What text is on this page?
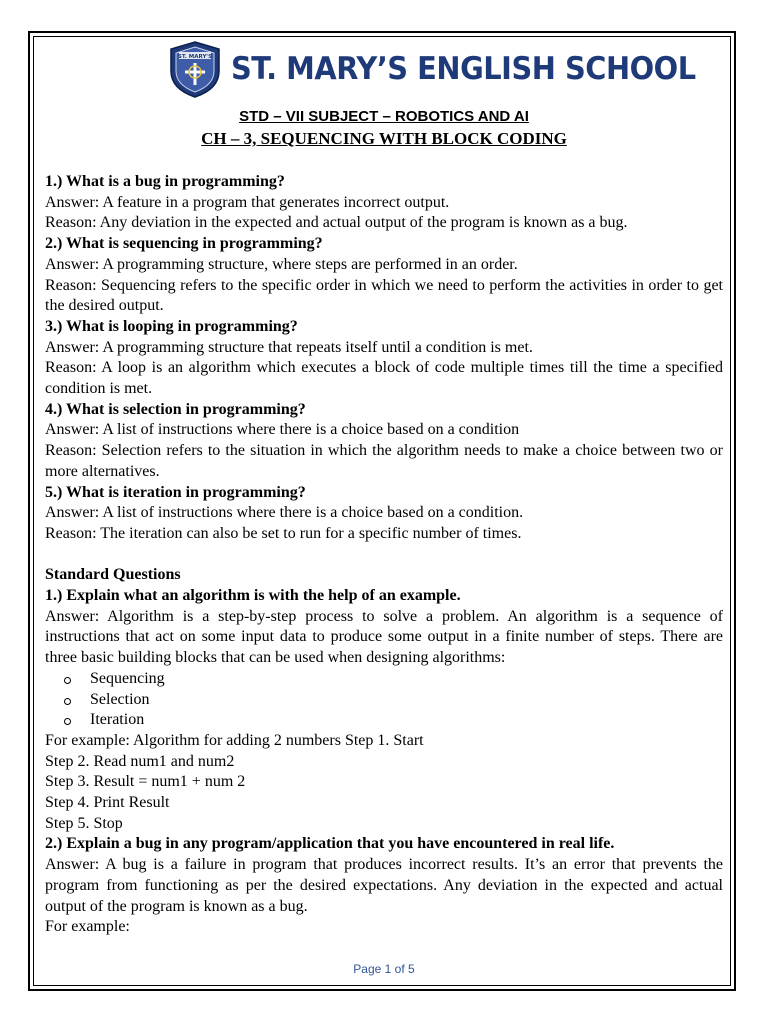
ST. MARY'S ST. MARY’S ENGLISH SCHOOL
STD – VII SUBJECT – ROBOTICS AND AI
CH – 3, SEQUENCING WITH BLOCK CODING

1.) What is a bug in programming?

Answer: A feature in a program that generates incorrect output.

Reason: Any deviation in the expected and actual output of the program is known as a bug.

2.) What is sequencing in programming?

Answer: A programming structure, where steps are performed in an order.

Reason: Sequencing refers to the specific order in which we need to perform the activities in order to get the desired output.

3.) What is looping in programming?

Answer: A programming structure that repeats itself until a condition is met.

Reason: A loop is an algorithm which executes a block of code multiple times till the time a specified condition is met.

4.) What is selection in programming?

Answer: A list of instructions where there is a choice based on a condition

Reason: Selection refers to the situation in which the algorithm needs to make a choice between two or more alternatives.

5.) What is iteration in programming?

Answer: A list of instructions where there is a choice based on a condition.

Reason: The iteration can also be set to run for a specific number of times.

Standard Questions

1.) Explain what an algorithm is with the help of an example.

Answer: Algorithm is a step-by-step process to solve a problem. An algorithm is a sequence of instructions that act on some input data to produce some output in a finite number of steps. There are three basic building blocks that can be used when designing algorithms:

Sequencing
Selection
Iteration

For example: Algorithm for adding 2 numbers Step 1. Start

Step 2. Read num1 and num2

Step 3. Result = num1 + num 2

Step 4. Print Result

Step 5. Stop

2.) Explain a bug in any program/application that you have encountered in real life.

Answer: A bug is a failure in program that produces incorrect results. It’s an error that prevents the program from functioning as per the desired expectations. Any deviation in the expected and actual output of the program is known as a bug.

For example:

Page 1 of 5
